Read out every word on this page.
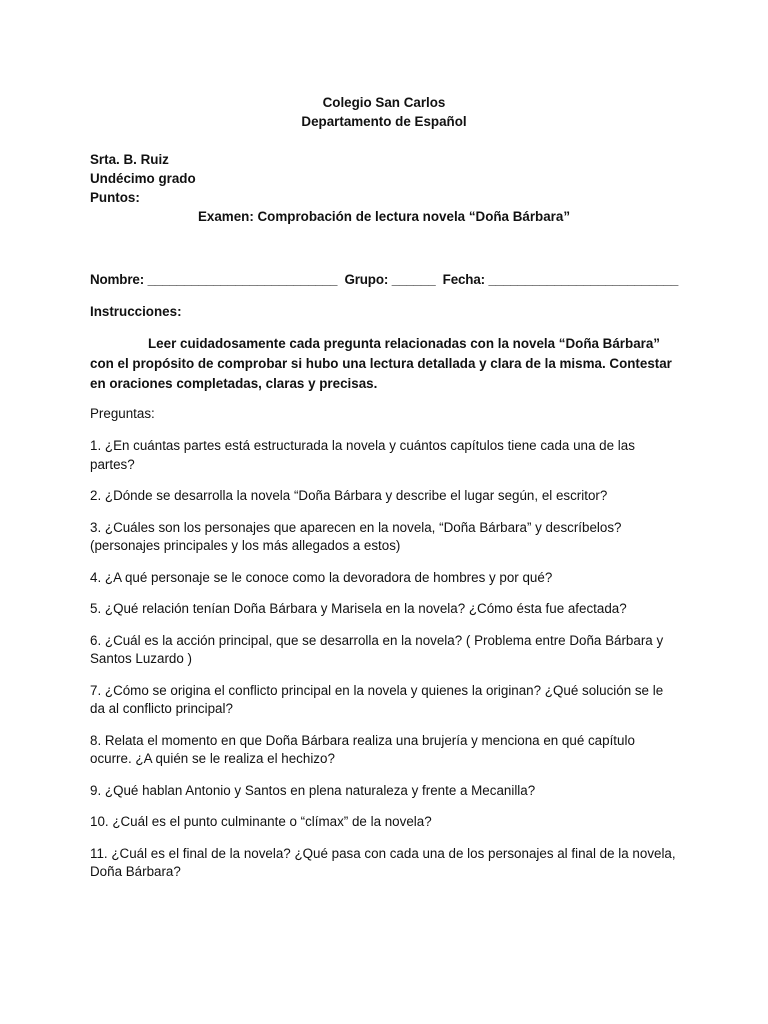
Colegio San Carlos
Departamento de Español
Srta. B. Ruiz
Undécimo grado
Puntos:
Examen: Comprobación de lectura novela “Doña Bárbara”
Nombre: __________________________  Grupo: ______  Fecha: __________________________
Instrucciones:

Leer cuidadosamente cada pregunta relacionadas con la novela “Doña Bárbara” con el propósito de comprobar si hubo una lectura detallada y clara de la misma. Contestar en oraciones completadas, claras y precisas.

Preguntas:
1. ¿En cuántas partes está estructurada la novela y cuántos capítulos tiene cada una de las partes?
2. ¿Dónde se desarrolla la novela “Doña Bárbara y describe el lugar según, el escritor?
3. ¿Cuáles son los personajes que aparecen en la novela, “Doña Bárbara” y descríbelos? (personajes principales y los más allegados a estos)
4. ¿A qué personaje se le conoce como la devoradora de hombres y por qué?
5. ¿Qué relación tenían Doña Bárbara y Marisela en la novela? ¿Cómo ésta fue afectada?
6. ¿Cuál es la acción principal, que se desarrolla en la novela? ( Problema entre Doña Bárbara y Santos Luzardo )
7. ¿Cómo se origina el conflicto principal en la novela y quienes la originan? ¿Qué solución se le da al conflicto principal?
8. Relata el momento en que Doña Bárbara realiza una brujería y menciona en qué capítulo ocurre. ¿A quién se le realiza el hechizo?
9. ¿Qué hablan Antonio y Santos en plena naturaleza y frente a Mecanilla?
10. ¿Cuál es el punto culminante o “clímax” de la novela?
11. ¿Cuál es el final de la novela? ¿Qué pasa con cada una de los personajes al final de la novela, Doña Bárbara?
